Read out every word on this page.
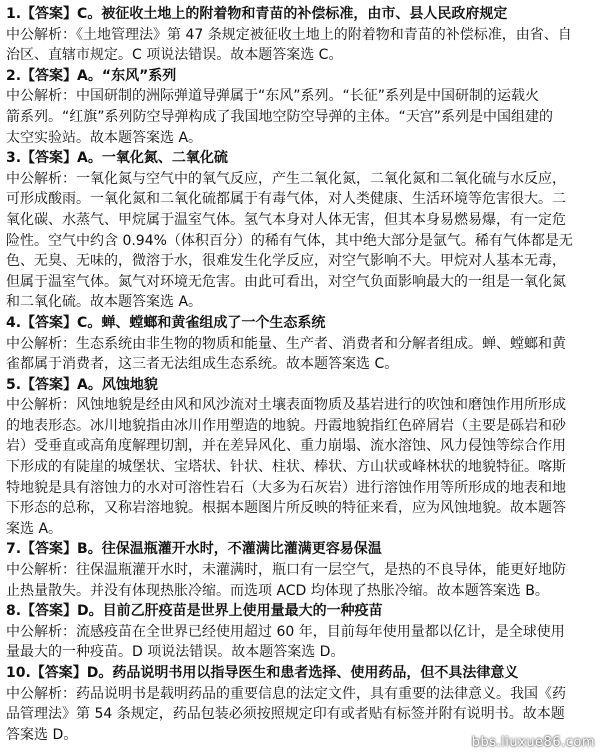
1.【答案】C。被征收土地上的附着物和青苗的补偿标准，由市、县人民政府规定
中公解析：《土地管理法》第 47 条规定被征收土地上的附着物和青苗的补偿标准，由省、自
治区、直辖市规定。C 项说法错误。故本题答案选 C。
2.【答案】A。“东风”系列
中公解析：中国研制的洲际弹道导弹属于“东风”系列。“长征”系列是中国研制的运载火
箭系列。“红旗”系列防空导弹构成了我国地空防空导弹的主体。“天宫”系列是中国组建的
太空实验站。故本题答案选 A。
3.【答案】A。一氧化氮、二氧化硫
中公解析：一氧化氮与空气中的氧气反应，产生二氧化氮，二氧化氮和二氧化硫与水反应，
可形成酸雨。一氧化氮和二氧化硫都属于有毒气体，对人类健康、生活环境等危害很大。二
氧化碳、水蒸气、甲烷属于温室气体。氢气本身对人体无害，但其本身易燃易爆，有一定危
险性。空气中约含 0.94%（体积百分）的稀有气体，其中绝大部分是氩气。稀有气体都是无
色、无臭、无味的，微溶于水，很难发生化学反应，对空气影响不大。甲烷对人基本无毒，
但属于温室气体。氮气对环境无危害。由此可看出，对空气负面影响最大的一组是一氧化氮
和二氧化硫。故本题答案选 A。
4.【答案】C。蝉、螳螂和黄雀组成了一个生态系统
中公解析：生态系统由非生物的物质和能量、生产者、消费者和分解者组成。蝉、螳螂和黄
雀都属于消费者，这三者无法组成生态系统。故本题答案选 C。
5.【答案】A。风蚀地貌
中公解析：风蚀地貌是经由风和风沙流对土壤表面物质及基岩进行的吹蚀和磨蚀作用所形成
的地表形态。冰川地貌指由冰川作用塑造的地貌。丹霞地貌指红色碎屑岩（主要是砾岩和砂
岩）受垂直或高角度解理切割，并在差异风化、重力崩塌、流水溶蚀、风力侵蚀等综合作用
下形成的有陡崖的城堡状、宝塔状、针状、柱状、棒状、方山状或峰林状的地貌特征。喀斯
特地貌是具有溶蚀力的水对可溶性岩石（大多为石灰岩）进行溶蚀作用等所形成的地表和地
下形态的总称，又称岩溶地貌。根据本题图片所反映的特征来看，应为风蚀地貌。故本题答
案选 A。
7.【答案】B。往保温瓶灌开水时，不灌满比灌满更容易保温
中公解析：往保温瓶灌开水时，未灌满时，瓶口有一层空气，是热的不良导体，能更好地防
止热量散失。并没有体现热胀冷缩。而选项 ACD 均体现了热胀冷缩。故本题答案选 B。
8.【答案】D。目前乙肝疫苗是世界上使用量最大的一种疫苗
中公解析：流感疫苗在全世界已经使用超过 60 年，目前每年使用量都以亿计，是全球使用
量最大的一种疫苗。D 项说法错误。故本题答案选 D。
10.【答案】D。药品说明书用以指导医生和患者选择、使用药品，但不具法律意义
中公解析：药品说明书是载明药品的重要信息的法定文件，具有重要的法律意义。我国《药
品管理法》第 54 条规定，药品包装必须按照规定印有或者贴有标签并附有说明书。故本题
答案选 D。	bbs.liuxue86.com
